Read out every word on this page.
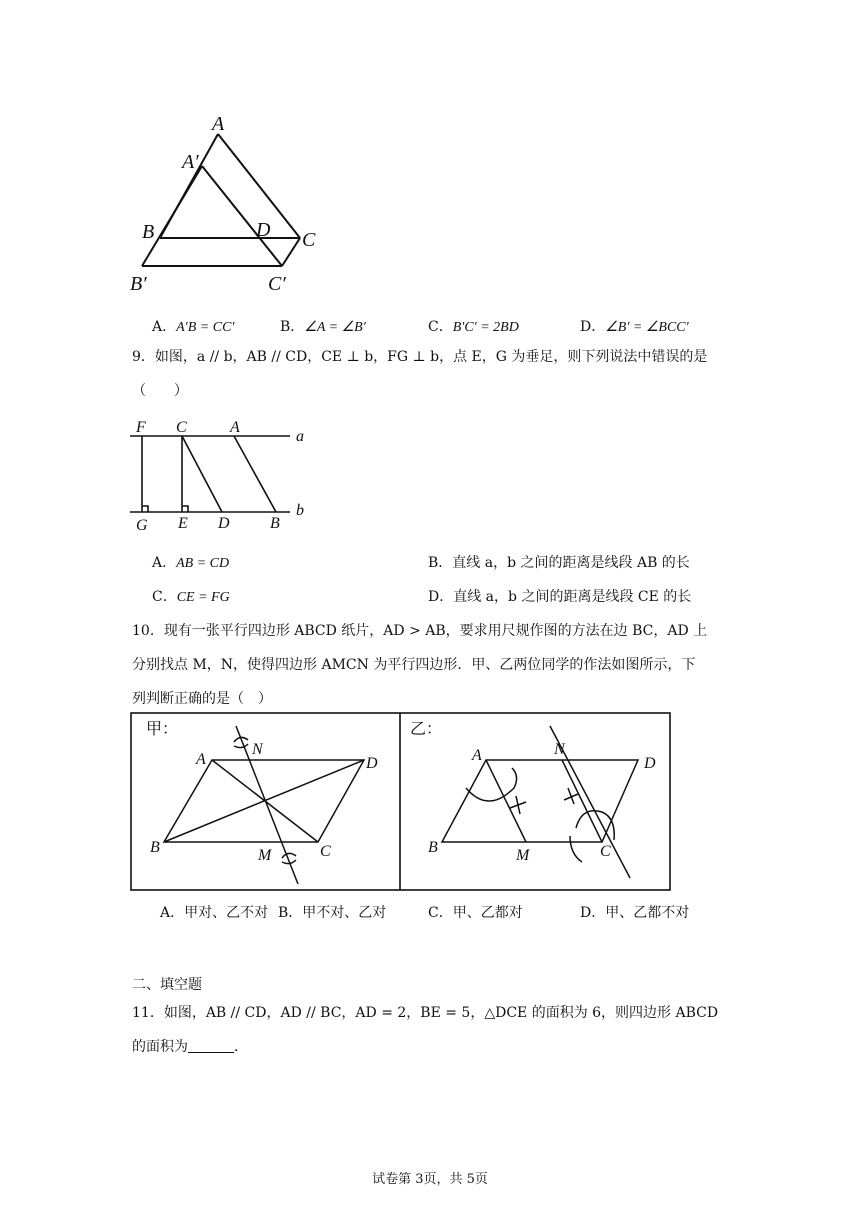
A
A′
B	D C
B′	C′
A．A′B = CC′	B．∠A = ∠B′	C．B′C′ = 2BD	D．∠B′ = ∠BCC′
9．如图，a // b，AB // CD，CE ⊥ b，FG ⊥ b，点 E，G 为垂足，则下列说法中错误的是
（　　）
F C	A
a
b
G E D	B
A．AB = CD	B．直线 a，b 之间的距离是线段 AB 的长
C．CE = FG	D．直线 a，b 之间的距离是线段 CE 的长
10．现有一张平行四边形 ABCD 纸片，AD > AB，要求用尺规作图的方法在边 BC，AD 上
分别找点 M，N，使得四边形 AMCN 为平行四边形．甲、乙两位同学的作法如图所示，下
列判断正确的是（　）
甲：
A
N
D
B	M	C
乙：
A	N
D
B	M	C
A．甲对、乙不对 B．甲不对、乙对	C．甲、乙都对	D．甲、乙都不对
二、填空题
11．如图，AB // CD，AD // BC，AD = 2，BE = 5，△DCE 的面积为 6，则四边形 ABCD
的面积为	．
试卷第 3页，共 5页
